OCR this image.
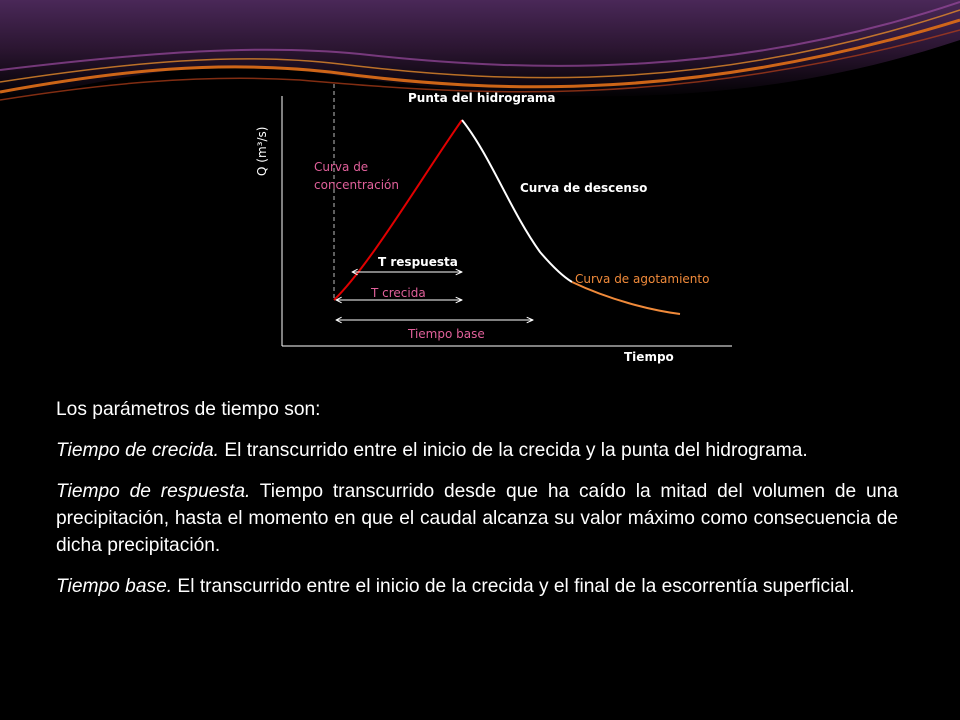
Q (m³/s)
Tiempo
Punta del hidrograma
Curva de
concentración	Curva de descenso
Curva de agotamiento
T respuesta
T crecida
Tiempo base

Los parámetros de tiempo son:

Tiempo de crecida. El transcurrido entre el inicio de la crecida y la punta del hidrograma.

Tiempo de respuesta. Tiempo transcurrido desde que ha caído la mitad del volumen de una precipitación, hasta el momento en que el caudal alcanza su valor máximo como consecuencia de dicha precipitación.

Tiempo base. El transcurrido entre el inicio de la crecida y el final de la escorrentía superficial.
